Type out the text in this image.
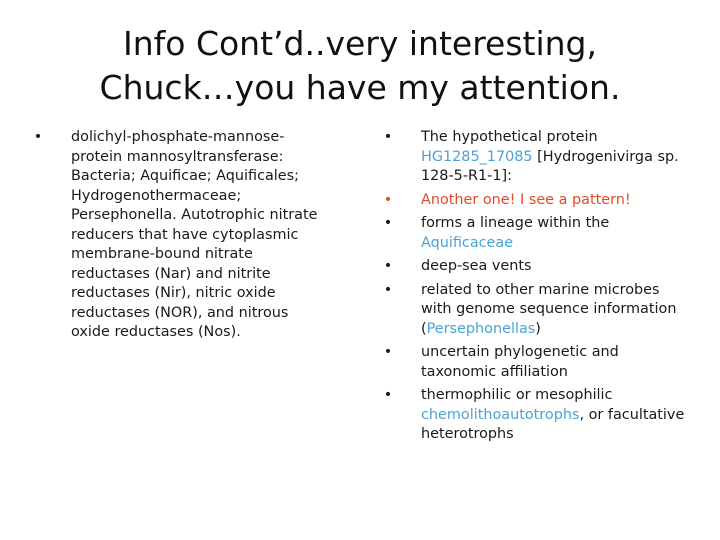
Info Cont’d..very interesting,
Chuck…you have my attention.
• dolichyl-phosphate-mannose-protein mannosyltransferase: Bacteria; Aquificae; Aquificales; Hydrogenothermaceae; Persephonella. Autotrophic nitrate reducers that have cytoplasmic membrane-bound nitrate reductases (Nar) and nitrite reductases (Nir), nitric oxide reductases (NOR), and nitrous oxide reductases (Nos).
• The hypothetical protein HG1285_17085 [Hydrogenivirga sp. 128-5-R1-1]:
• Another one! I see a pattern!
• forms a lineage within the Aquificaceae
• deep-sea vents
• related to other marine microbes with genome sequence information (Persephonellas)
• uncertain phylogenetic and taxonomic affiliation
• thermophilic or mesophilic chemolithoautotrophs, or facultative heterotrophs
